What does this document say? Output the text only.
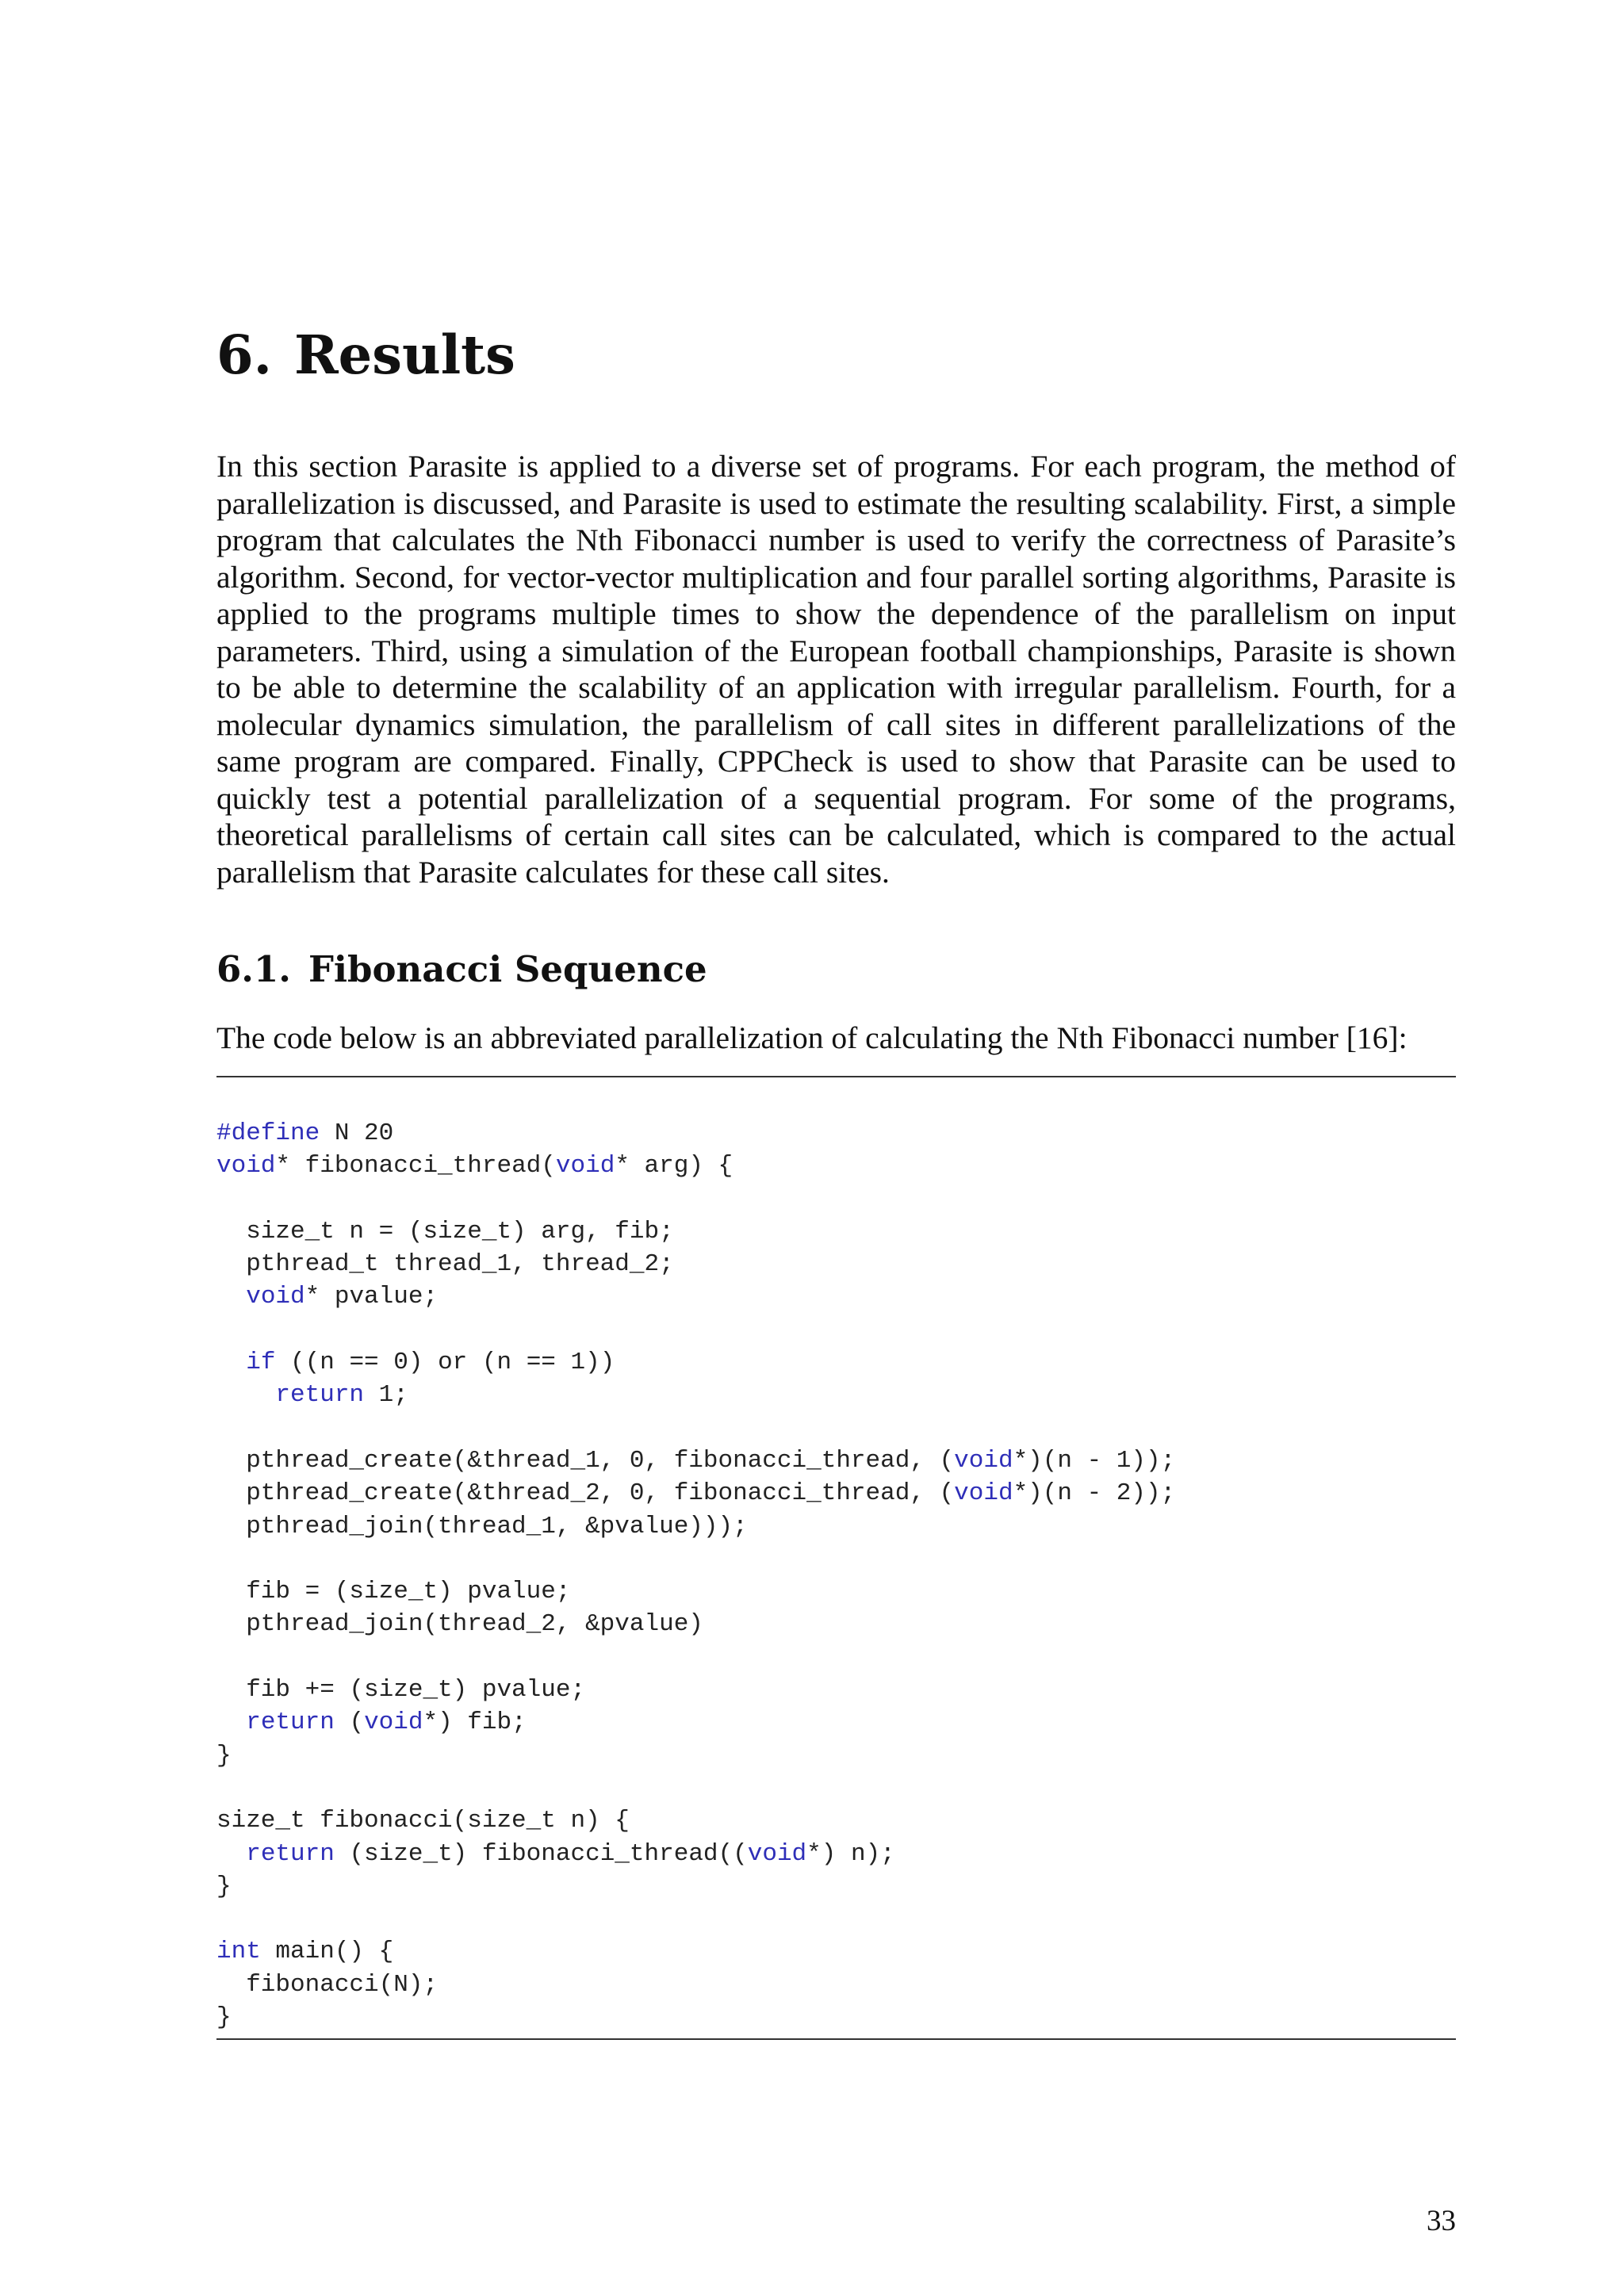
6. Results

In this section Parasite is applied to a diverse set of programs. For each program, the method of parallelization is discussed, and Parasite is used to estimate the resulting scalability. First, a simple program that calculates the Nth Fibonacci number is used to verify the correctness of Parasite’s algorithm. Second, for vector-vector multiplication and four parallel sorting algorithms, Parasite is applied to the programs multiple times to show the dependence of the parallelism on input parameters. Third, using a simulation of the European football championships, Parasite is shown to be able to determine the scalability of an application with irregular parallelism. Fourth, for a molecular dynamics simulation, the parallelism of call sites in different parallelizations of the same program are compared. Finally, CPPCheck is used to show that Parasite can be used to quickly test a potential parallelization of a sequential program. For some of the programs, theoretical parallelisms of certain call sites can be calculated, which is compared to the actual parallelism that Parasite calculates for these call sites.

6.1. Fibonacci Sequence

The code below is an abbreviated parallelization of calculating the Nth Fibonacci number [16]:

#define N 20
void* fibonacci_thread(void* arg) {
size_t n = (size_t) arg, fib;
pthread_t thread_1, thread_2;
void* pvalue;
if ((n == 0) or (n == 1))
return 1;
pthread_create(&thread_1, 0, fibonacci_thread, (void*)(n - 1));
pthread_create(&thread_2, 0, fibonacci_thread, (void*)(n - 2));
pthread_join(thread_1, &pvalue)));
fib = (size_t) pvalue;
pthread_join(thread_2, &pvalue)
fib += (size_t) pvalue;
return (void*) fib;
}
size_t fibonacci(size_t n) {
return (size_t) fibonacci_thread((void*) n);
}
int main() {
fibonacci(N);
}
33
